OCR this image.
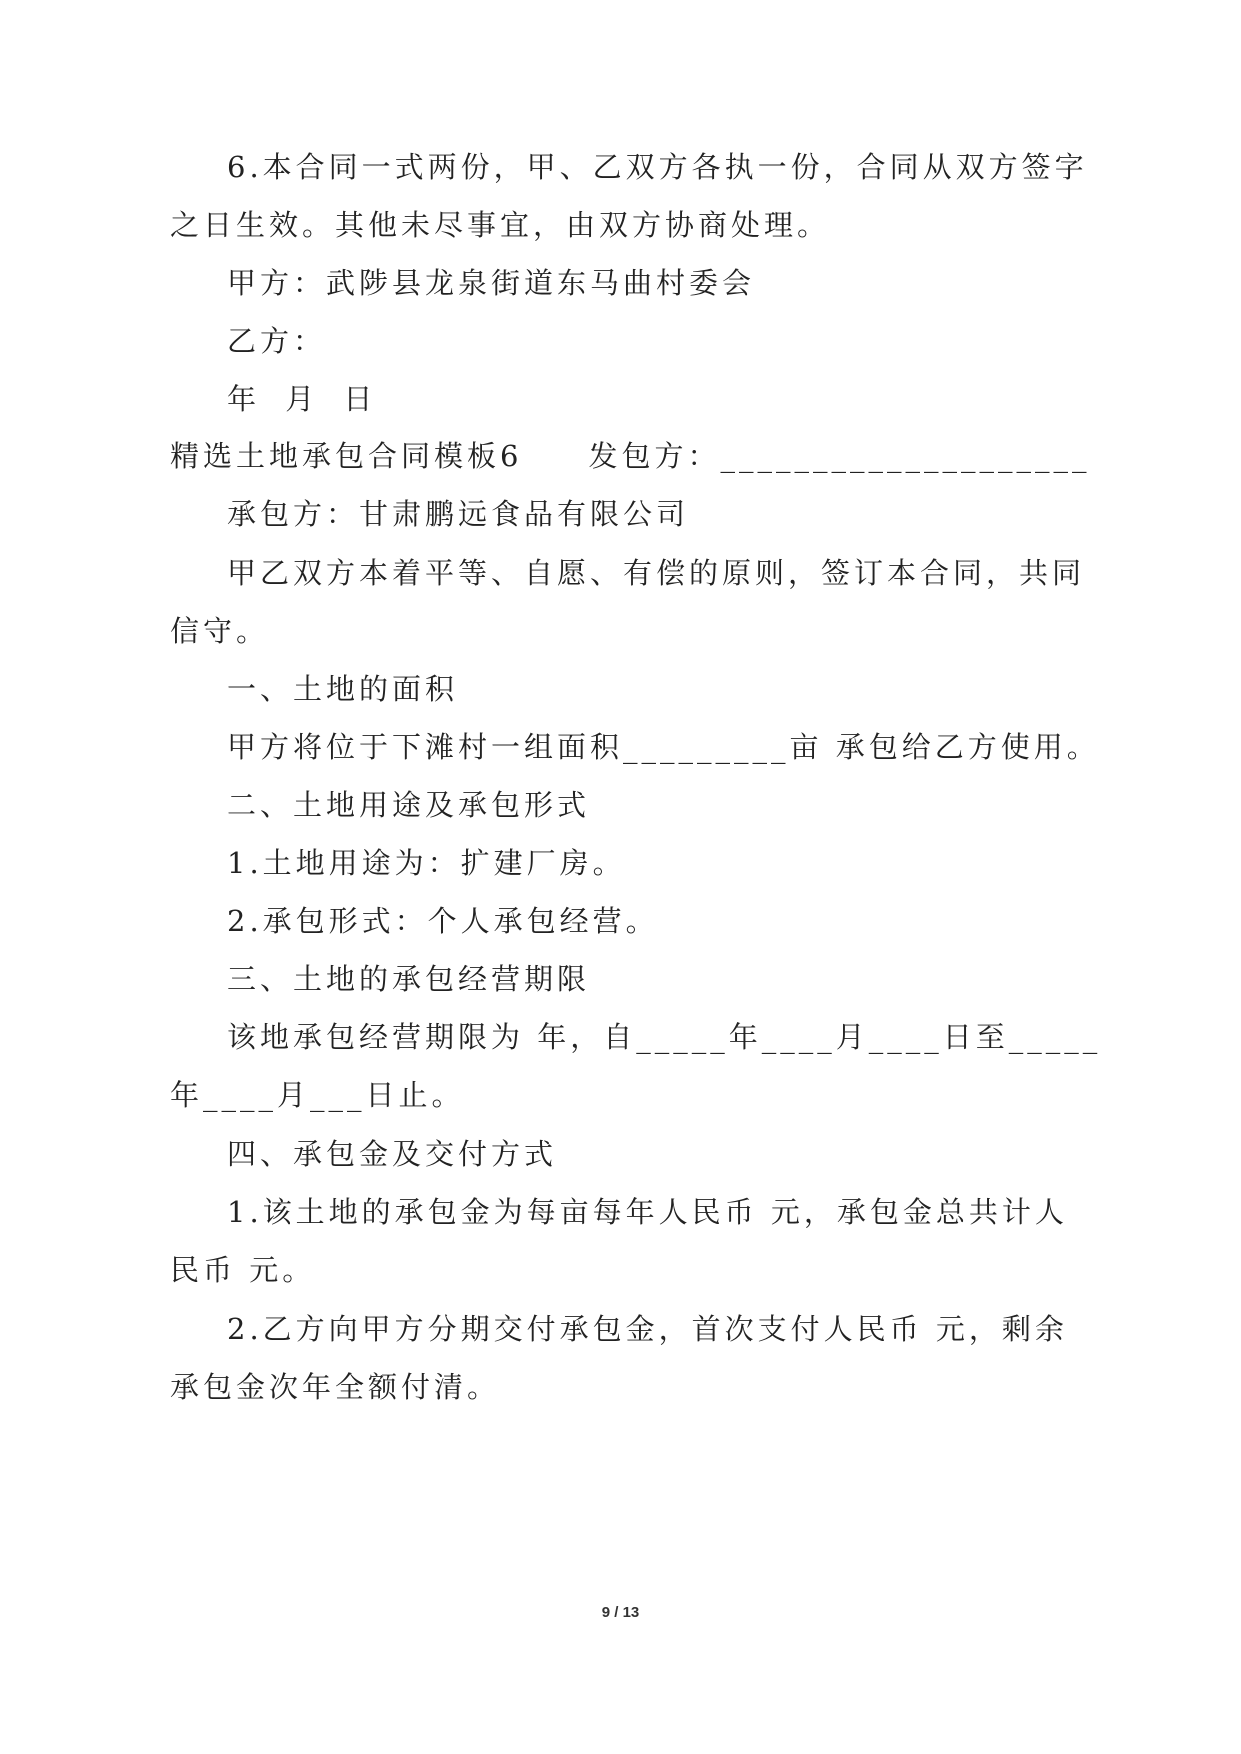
6.本合同一式两份，甲、乙双方各执一份，合同从双方签字
之日生效。其他未尽事宜，由双方协商处理。
甲方：武陟县龙泉街道东马曲村委会
乙方：
年 月 日
精选土地承包合同模板6　　发包方：____________________
承包方：甘肃鹏远食品有限公司
甲乙双方本着平等、自愿、有偿的原则，签订本合同，共同
信守。
一、土地的面积
甲方将位于下滩村一组面积_________亩 承包给乙方使用。
二、土地用途及承包形式
1.土地用途为：扩建厂房。
2.承包形式：个人承包经营。
三、土地的承包经营期限
该地承包经营期限为 年，自_____年____月____日至_____
年____月___日止。
四、承包金及交付方式
1.该土地的承包金为每亩每年人民币 元，承包金总共计人
民币 元。
2.乙方向甲方分期交付承包金，首次支付人民币 元，剩余
承包金次年全额付清。
9 / 13
